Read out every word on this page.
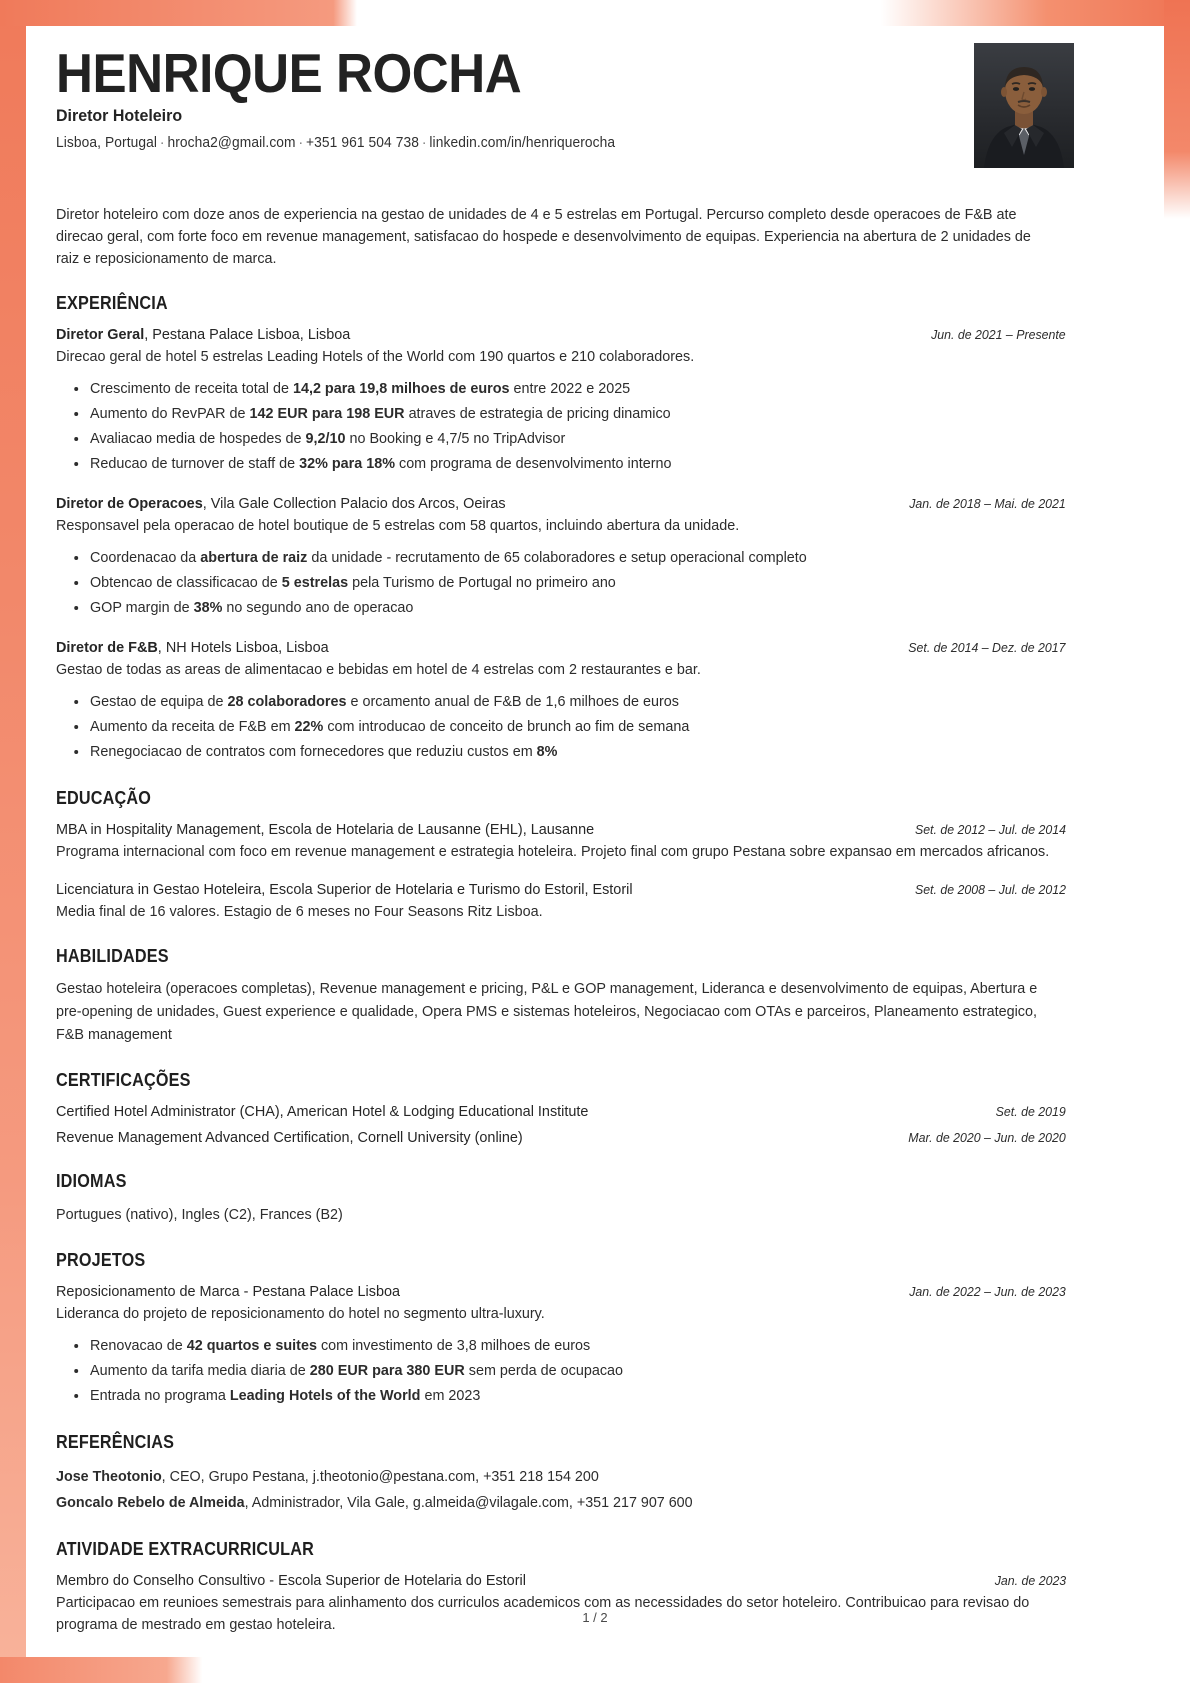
HENRIQUE ROCHA
Diretor Hoteleiro
Lisboa, Portugal · hrocha2@gmail.com · +351 961 504 738 · linkedin.com/in/henriquerocha
Diretor hoteleiro com doze anos de experiencia na gestao de unidades de 4 e 5 estrelas em Portugal. Percurso completo desde operacoes de F&B ate direcao geral, com forte foco em revenue management, satisfacao do hospede e desenvolvimento de equipas. Experiencia na abertura de 2 unidades de raiz e reposicionamento de marca.
EXPERIÊNCIA
Diretor Geral, Pestana Palace Lisboa, Lisboa	Jun. de 2021 – Presente
Direcao geral de hotel 5 estrelas Leading Hotels of the World com 190 quartos e 210 colaboradores.
Crescimento de receita total de 14,2 para 19,8 milhoes de euros entre 2022 e 2025
Aumento do RevPAR de 142 EUR para 198 EUR atraves de estrategia de pricing dinamico
Avaliacao media de hospedes de 9,2/10 no Booking e 4,7/5 no TripAdvisor
Reducao de turnover de staff de 32% para 18% com programa de desenvolvimento interno
Diretor de Operacoes, Vila Gale Collection Palacio dos Arcos, Oeiras	Jan. de 2018 – Mai. de 2021
Responsavel pela operacao de hotel boutique de 5 estrelas com 58 quartos, incluindo abertura da unidade.
Coordenacao da abertura de raiz da unidade - recrutamento de 65 colaboradores e setup operacional completo
Obtencao de classificacao de 5 estrelas pela Turismo de Portugal no primeiro ano
GOP margin de 38% no segundo ano de operacao
Diretor de F&B, NH Hotels Lisboa, Lisboa	Set. de 2014 – Dez. de 2017
Gestao de todas as areas de alimentacao e bebidas em hotel de 4 estrelas com 2 restaurantes e bar.
Gestao de equipa de 28 colaboradores e orcamento anual de F&B de 1,6 milhoes de euros
Aumento da receita de F&B em 22% com introducao de conceito de brunch ao fim de semana
Renegociacao de contratos com fornecedores que reduziu custos em 8%
EDUCAÇÃO
MBA in Hospitality Management, Escola de Hotelaria de Lausanne (EHL), Lausanne	Set. de 2012 – Jul. de 2014
Programa internacional com foco em revenue management e estrategia hoteleira. Projeto final com grupo Pestana sobre expansao em mercados africanos.
Licenciatura in Gestao Hoteleira, Escola Superior de Hotelaria e Turismo do Estoril, Estoril	Set. de 2008 – Jul. de 2012
Media final de 16 valores. Estagio de 6 meses no Four Seasons Ritz Lisboa.
HABILIDADES
Gestao hoteleira (operacoes completas), Revenue management e pricing, P&L e GOP management, Lideranca e desenvolvimento de equipas, Abertura e pre-opening de unidades, Guest experience e qualidade, Opera PMS e sistemas hoteleiros, Negociacao com OTAs e parceiros, Planeamento estrategico, F&B management
CERTIFICAÇÕES
Certified Hotel Administrator (CHA), American Hotel & Lodging Educational Institute	Set. de 2019
Revenue Management Advanced Certification, Cornell University (online)	Mar. de 2020 – Jun. de 2020
IDIOMAS
Portugues (nativo), Ingles (C2), Frances (B2)
PROJETOS
Reposicionamento de Marca - Pestana Palace Lisboa	Jan. de 2022 – Jun. de 2023
Lideranca do projeto de reposicionamento do hotel no segmento ultra-luxury.
Renovacao de 42 quartos e suites com investimento de 3,8 milhoes de euros
Aumento da tarifa media diaria de 280 EUR para 380 EUR sem perda de ocupacao
Entrada no programa Leading Hotels of the World em 2023
REFERÊNCIAS
Jose Theotonio, CEO, Grupo Pestana, j.theotonio@pestana.com, +351 218 154 200
Goncalo Rebelo de Almeida, Administrador, Vila Gale, g.almeida@vilagale.com, +351 217 907 600
ATIVIDADE EXTRACURRICULAR
Membro do Conselho Consultivo - Escola Superior de Hotelaria do Estoril	Jan. de 2023
Participacao em reunioes semestrais para alinhamento dos curriculos academicos com as necessidades do setor hoteleiro. Contribuicao para revisao do programa de mestrado em gestao hoteleira.	1 / 2
